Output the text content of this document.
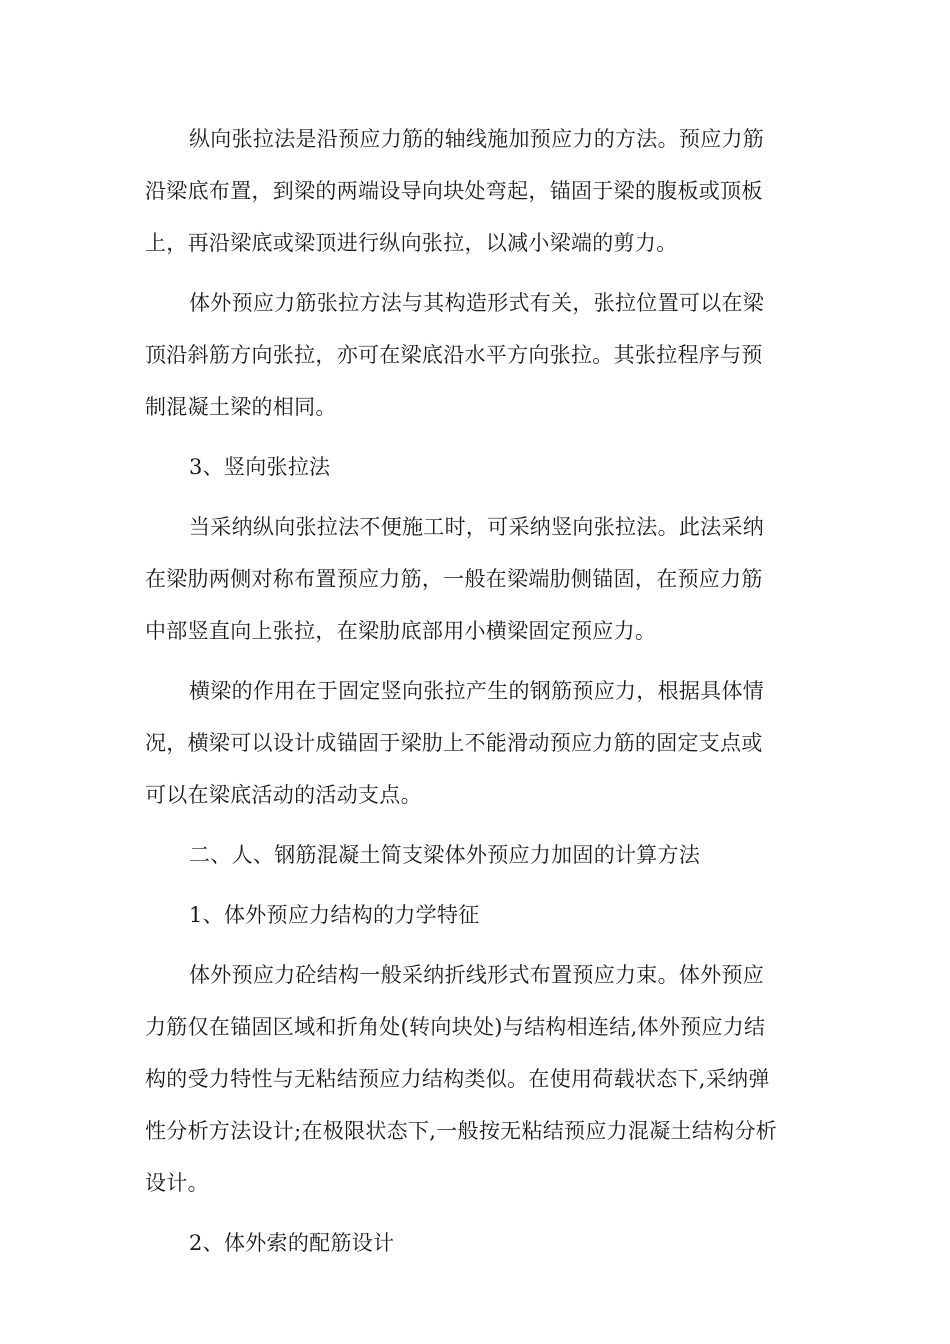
纵向张拉法是沿预应力筋的轴线施加预应力的方法。预应力筋
沿梁底布置，到梁的两端设导向块处弯起，锚固于梁的腹板或顶板
上，再沿梁底或梁顶进行纵向张拉，以减小梁端的剪力。

体外预应力筋张拉方法与其构造形式有关，张拉位置可以在梁
顶沿斜筋方向张拉，亦可在梁底沿水平方向张拉。其张拉程序与预
制混凝土梁的相同。

3、竖向张拉法

当采纳纵向张拉法不便施工时，可采纳竖向张拉法。此法采纳
在梁肋两侧对称布置预应力筋，一般在梁端肋侧锚固，在预应力筋
中部竖直向上张拉，在梁肋底部用小横梁固定预应力。

横梁的作用在于固定竖向张拉产生的钢筋预应力，根据具体情
况，横梁可以设计成锚固于梁肋上不能滑动预应力筋的固定支点或
可以在梁底活动的活动支点。

二、人、钢筋混凝土简支梁体外预应力加固的计算方法

1、体外预应力结构的力学特征

体外预应力砼结构一般采纳折线形式布置预应力束。体外预应
力筋仅在锚固区域和折角处(转向块处)与结构相连结,体外预应力结
构的受力特性与无粘结预应力结构类似。在使用荷载状态下,采纳弹
性分析方法设计;在极限状态下,一般按无粘结预应力混凝土结构分析
设计。

2、体外索的配筋设计
